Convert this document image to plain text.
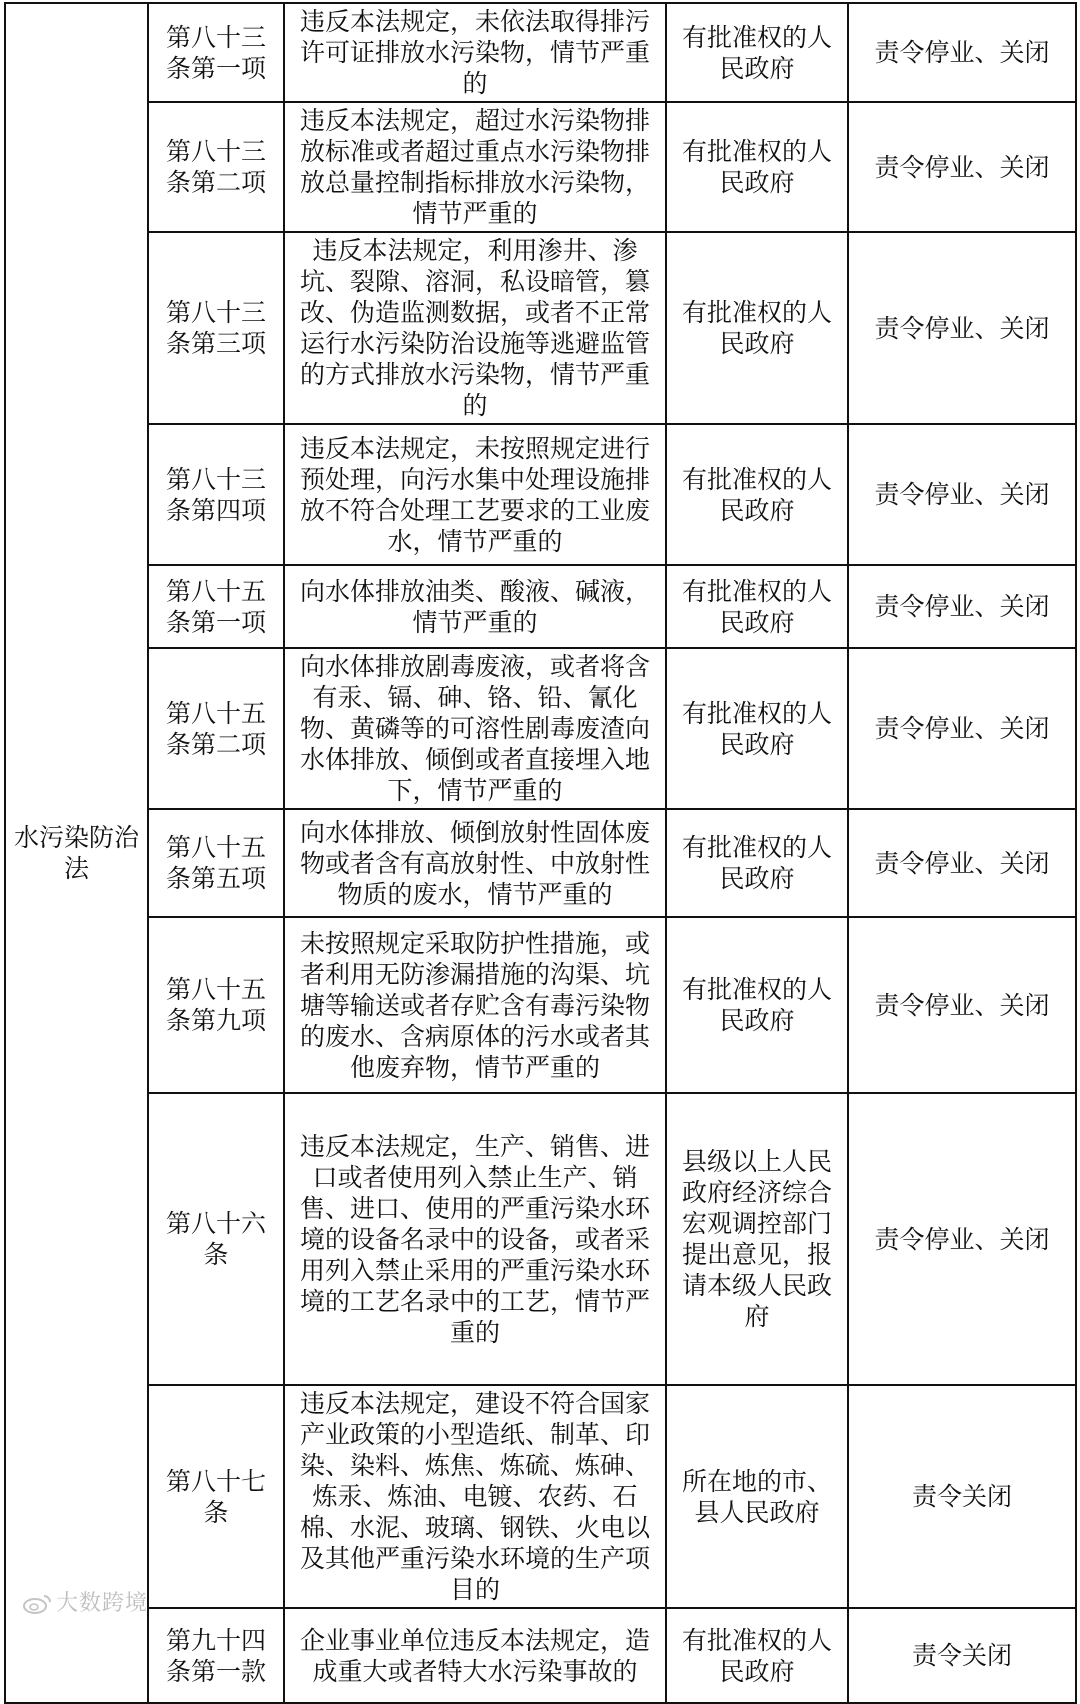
水污染防治法	第八十三条第一项	违反本法规定，未依法取得排污许可证排放水污染物，情节严重的	有批准权的人民政府	责令停业、关闭
	第八十三条第二项	违反本法规定，超过水污染物排放标准或者超过重点水污染物排放总量控制指标排放水污染物，情节严重的	有批准权的人民政府	责令停业、关闭
	第八十三条第三项	违反本法规定，利用渗井、渗坑、裂隙、溶洞，私设暗管，篡改、伪造监测数据，或者不正常运行水污染防治设施等逃避监管的方式排放水污染物，情节严重的	有批准权的人民政府	责令停业、关闭
	第八十三条第四项	违反本法规定，未按照规定进行预处理，向污水集中处理设施排放不符合处理工艺要求的工业废水，情节严重的	有批准权的人民政府	责令停业、关闭
	第八十五条第一项	向水体排放油类、酸液、碱液，情节严重的	有批准权的人民政府	责令停业、关闭
	第八十五条第二项	向水体排放剧毒废液，或者将含有汞、镉、砷、铬、铅、氰化物、黄磷等的可溶性剧毒废渣向水体排放、倾倒或者直接埋入地下，情节严重的	有批准权的人民政府	责令停业、关闭
	第八十五条第五项	向水体排放、倾倒放射性固体废物或者含有高放射性、中放射性物质的废水，情节严重的	有批准权的人民政府	责令停业、关闭
	第八十五条第九项	未按照规定采取防护性措施，或者利用无防渗漏措施的沟渠、坑塘等输送或者存贮含有毒污染物的废水、含病原体的污水或者其他废弃物，情节严重的	有批准权的人民政府	责令停业、关闭
	第八十六条	违反本法规定，生产、销售、进口或者使用列入禁止生产、销售、进口、使用的严重污染水环境的设备名录中的设备，或者采用列入禁止采用的严重污染水环境的工艺名录中的工艺，情节严重的	县级以上人民政府经济综合宏观调控部门提出意见，报请本级人民政府	责令停业、关闭
	第八十七条	违反本法规定，建设不符合国家产业政策的小型造纸、制革、印染、染料、炼焦、炼硫、炼砷、炼汞、炼油、电镀、农药、石棉、水泥、玻璃、钢铁、火电以及其他严重污染水环境的生产项目的	所在地的市、县人民政府	责令关闭
	第九十四条第一款	企业事业单位违反本法规定，造成重大或者特大水污染事故的	有批准权的人民政府	责令关闭
大数跨境
